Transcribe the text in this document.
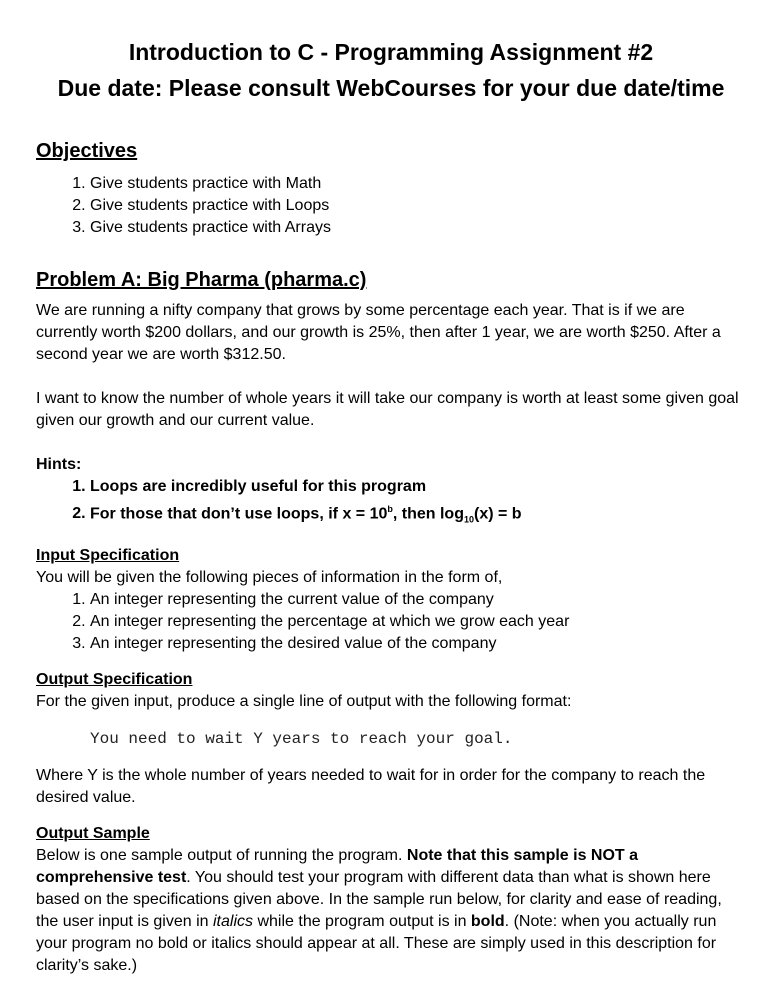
Introduction to C - Programming Assignment #2

Due date: Please consult WebCourses for your due date/time

Objectives

1. Give students practice with Math
2. Give students practice with Loops
3. Give students practice with Arrays

Problem A: Big Pharma (pharma.c)

We are running a nifty company that grows by some percentage each year. That is if we are currently worth $200 dollars, and our growth is 25%, then after 1 year, we are worth $250. After a second year we are worth $312.50.

I want to know the number of whole years it will take our company is worth at least some given goal given our growth and our current value.

Hints:

1. Loops are incredibly useful for this program
2. For those that don’t use loops, if $x = 10^b$, then $\log_{10}(x) = b$

Input Specification

You will be given the following pieces of information in the form of,

1. An integer representing the current value of the company
2. An integer representing the percentage at which we grow each year
3. An integer representing the desired value of the company

Output Specification

For the given input, produce a single line of output with the following format:

You need to wait Y years to reach your goal.

Where Y is the whole number of years needed to wait for in order for the company to reach the desired value.

Output Sample

Below is one sample output of running the program. Note that this sample is NOT a comprehensive test. You should test your program with different data than what is shown here based on the specifications given above. In the sample run below, for clarity and ease of reading, the user input is given in italics while the program output is in bold. (Note: when you actually run your program no bold or italics should appear at all. These are simply used in this description for clarity’s sake.)
